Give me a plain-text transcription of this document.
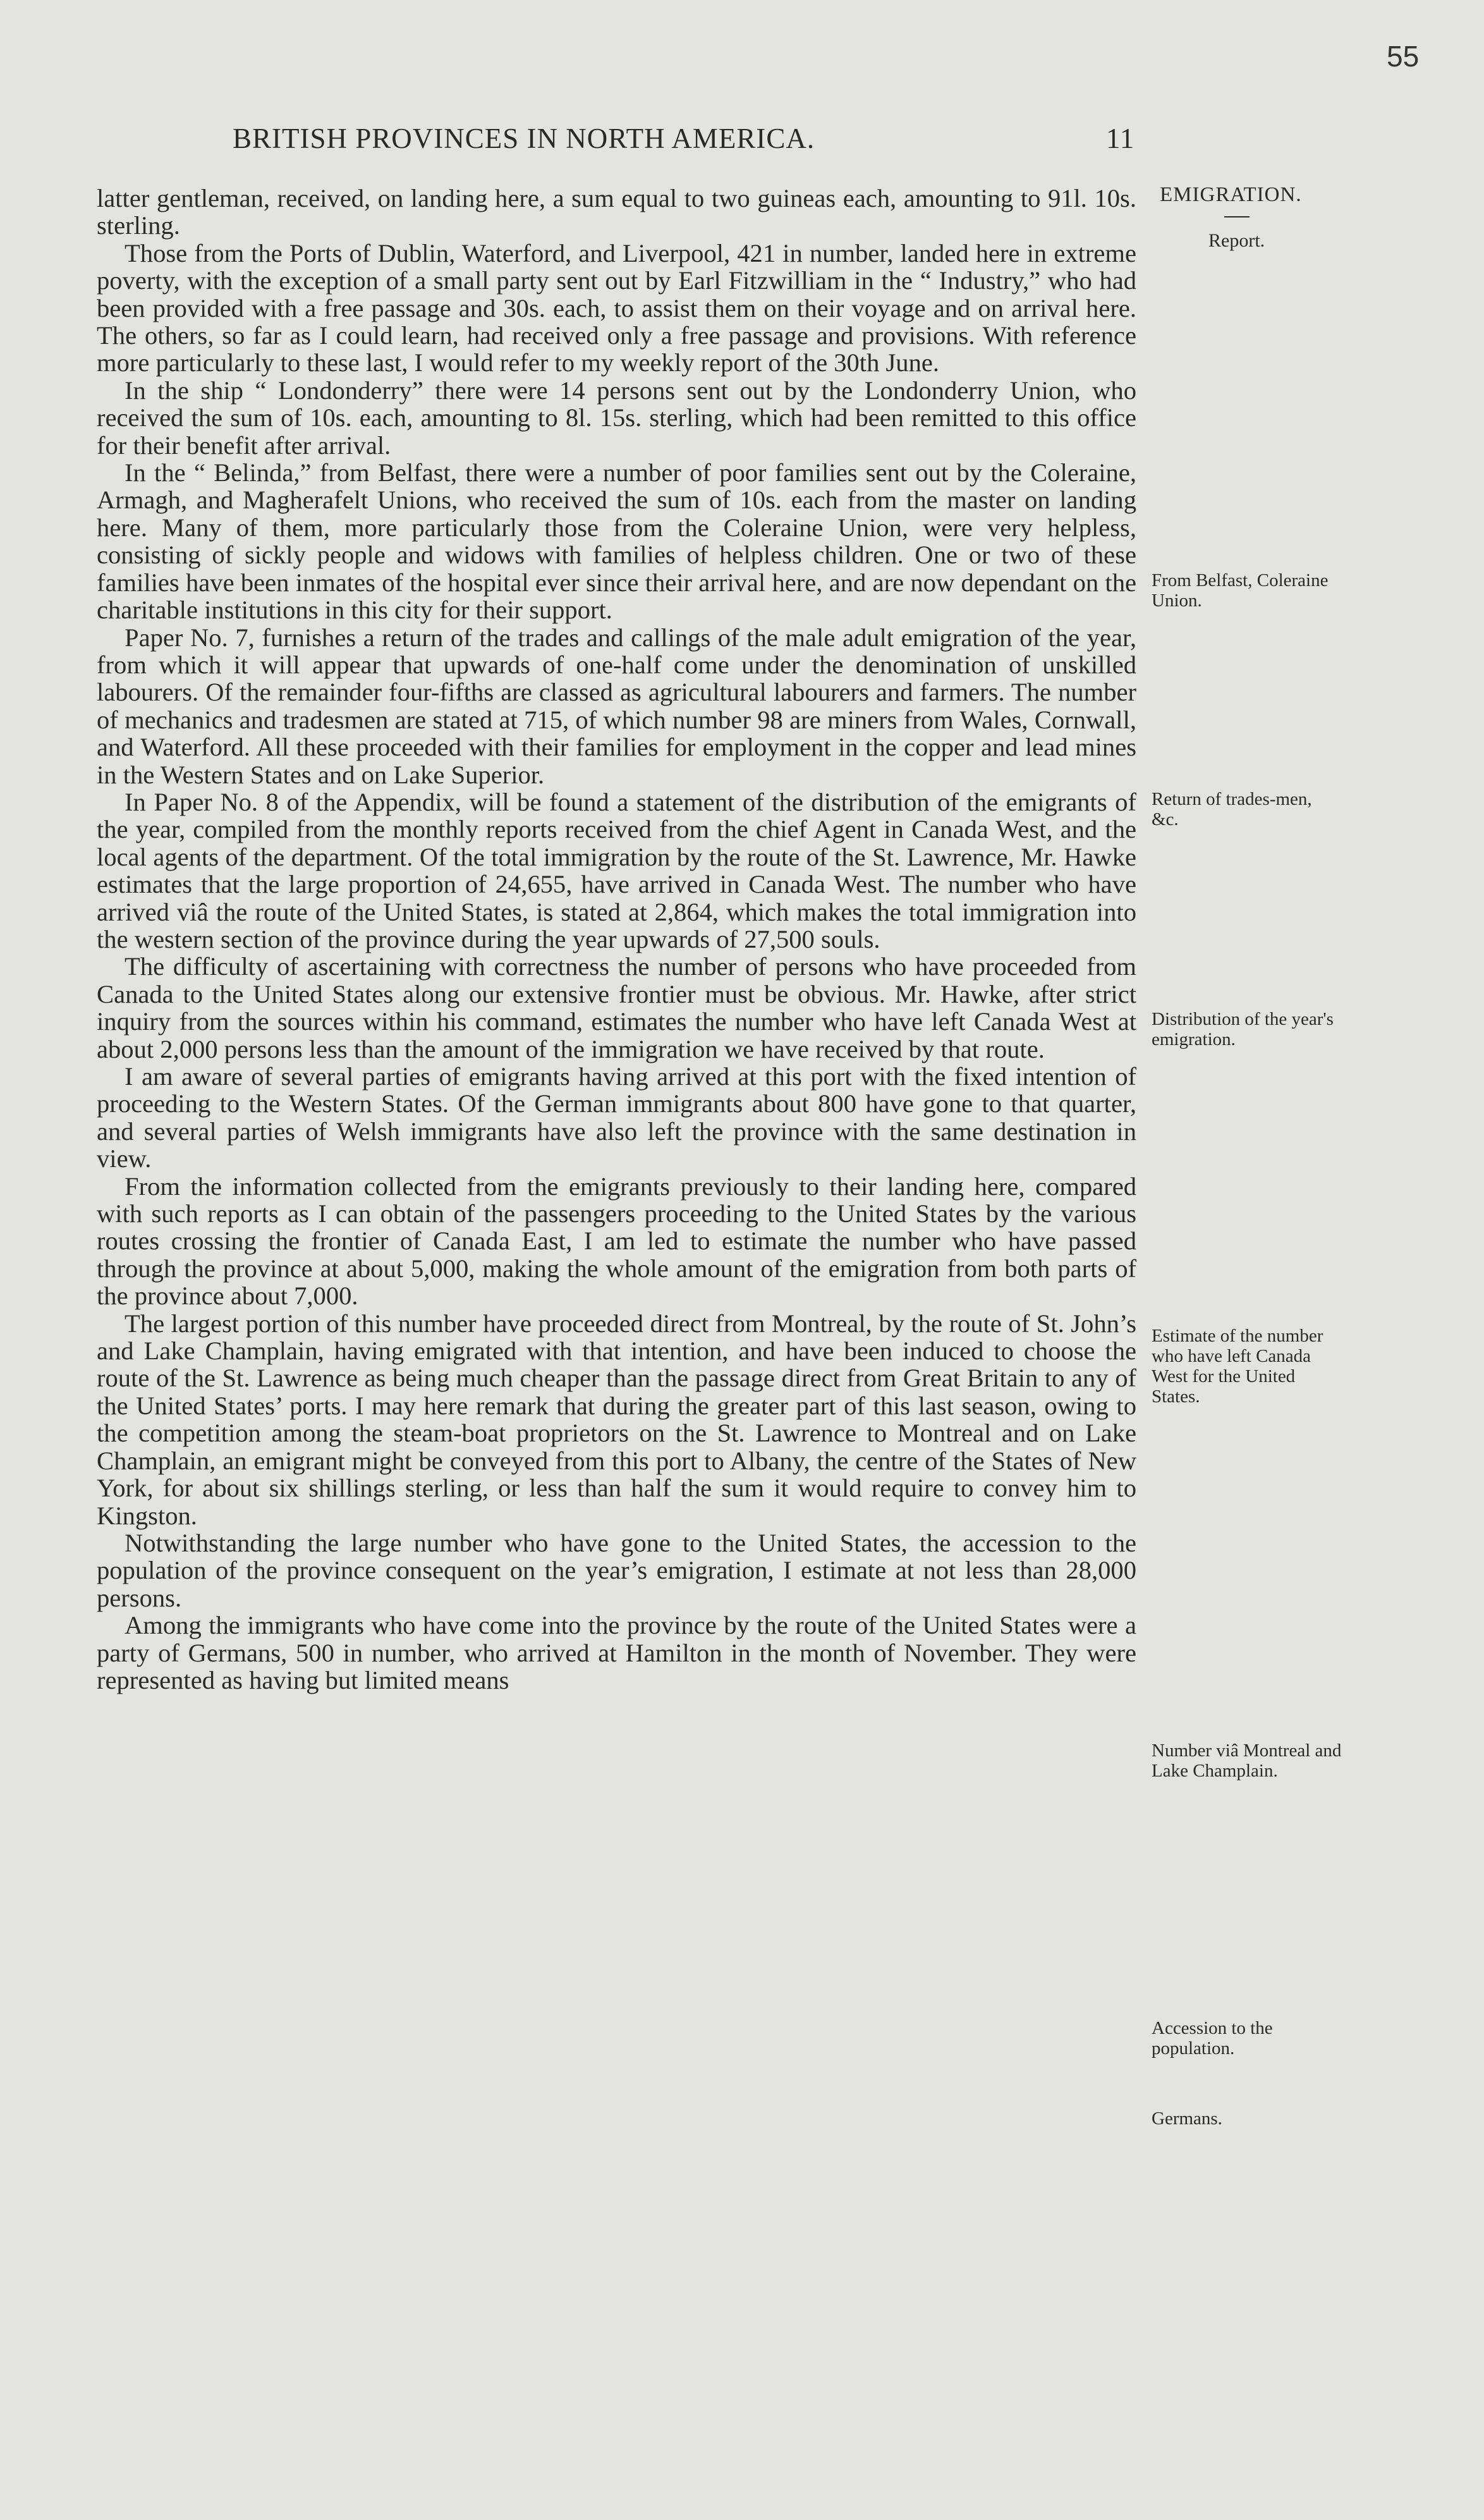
55
BRITISH PROVINCES IN NORTH AMERICA.	11

latter gentleman, received, on landing here, a sum equal to two guineas each, amounting to 91l. 10s. sterling.

Those from the Ports of Dublin, Waterford, and Liverpool, 421 in number, landed here in extreme poverty, with the exception of a small party sent out by Earl Fitzwilliam in the “ Industry,” who had been provided with a free passage and 30s. each, to assist them on their voyage and on arrival here. The others, so far as I could learn, had received only a free passage and provisions. With reference more particularly to these last, I would refer to my weekly report of the 30th June.

In the ship “ Londonderry” there were 14 persons sent out by the Londonderry Union, who received the sum of 10s. each, amounting to 8l. 15s. sterling, which had been remitted to this office for their benefit after arrival.

In the “ Belinda,” from Belfast, there were a number of poor families sent out by the Coleraine, Armagh, and Magherafelt Unions, who received the sum of 10s. each from the master on landing here. Many of them, more particularly those from the Coleraine Union, were very helpless, consisting of sickly people and widows with families of helpless children. One or two of these families have been inmates of the hospital ever since their arrival here, and are now dependant on the charitable institutions in this city for their support.

Paper No. 7, furnishes a return of the trades and callings of the male adult emigration of the year, from which it will appear that upwards of one-half come under the denomination of unskilled labourers. Of the remainder four-fifths are classed as agricultural labourers and farmers. The number of mechanics and tradesmen are stated at 715, of which number 98 are miners from Wales, Cornwall, and Waterford. All these proceeded with their families for employment in the copper and lead mines in the Western States and on Lake Superior.

In Paper No. 8 of the Appendix, will be found a statement of the distribution of the emigrants of the year, compiled from the monthly reports received from the chief Agent in Canada West, and the local agents of the department. Of the total immigration by the route of the St. Lawrence, Mr. Hawke estimates that the large proportion of 24,655, have arrived in Canada West. The number who have arrived viâ the route of the United States, is stated at 2,864, which makes the total immigration into the western section of the province during the year upwards of 27,500 souls.

The difficulty of ascertaining with correctness the number of persons who have proceeded from Canada to the United States along our extensive frontier must be obvious. Mr. Hawke, after strict inquiry from the sources within his command, estimates the number who have left Canada West at about 2,000 persons less than the amount of the immigration we have received by that route.

I am aware of several parties of emigrants having arrived at this port with the fixed intention of proceeding to the Western States. Of the German immigrants about 800 have gone to that quarter, and several parties of Welsh immigrants have also left the province with the same destination in view.

From the information collected from the emigrants previously to their landing here, compared with such reports as I can obtain of the passengers proceeding to the United States by the various routes crossing the frontier of Canada East, I am led to estimate the number who have passed through the province at about 5,000, making the whole amount of the emigration from both parts of the province about 7,000.

The largest portion of this number have proceeded direct from Montreal, by the route of St. John’s and Lake Champlain, having emigrated with that intention, and have been induced to choose the route of the St. Lawrence as being much cheaper than the passage direct from Great Britain to any of the United States’ ports. I may here remark that during the greater part of this last season, owing to the competition among the steam-boat proprietors on the St. Lawrence to Montreal and on Lake Champlain, an emigrant might be conveyed from this port to Albany, the centre of the States of New York, for about six shillings sterling, or less than half the sum it would require to convey him to Kingston.

Notwithstanding the large number who have gone to the United States, the accession to the population of the province consequent on the year’s emigration, I estimate at not less than 28,000 persons.

Among the immigrants who have come into the province by the route of the United States were a party of Germans, 500 in number, who arrived at Hamilton in the month of November. They were represented as having but limited means

EMIGRATION.
Report.
From Belfast, Coleraine Union.
Return of trades-men, &c.
Distribution of the year's emigration.
Estimate of the number who have left Canada West for the United States.
Number viâ Montreal and Lake Champlain.
Accession to the population.
Germans.
